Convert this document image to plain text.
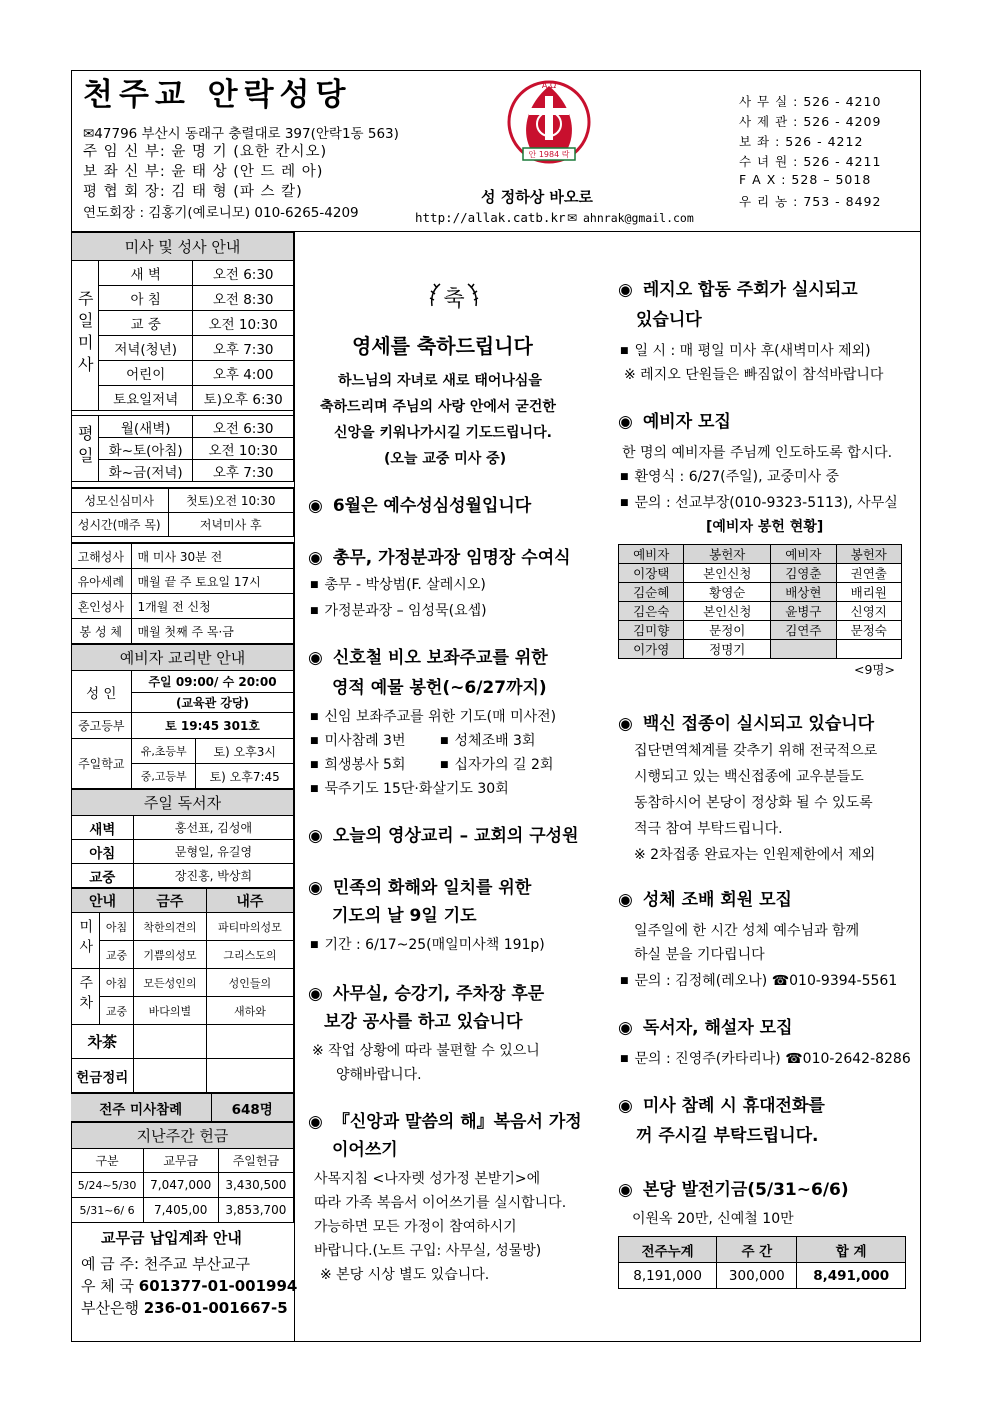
천주교 안락성당
✉47796 부산시 동래구 충렬대로 397(안락1동 563)
주 임 신 부: 윤 명 기 (요한 칸시오)
보 좌 신 부: 윤 태 상 (안 드 레 아)
평 협 회 장: 김 태 형 (파 스 칼)
연도회장 : 김홍기(예로니모) 010-6265-4209
안 1984 락
A Ω
성 정하상 바오로
http://allak.catb.kr ✉ ahnrak@gmail.com
사 무 실 : 526 - 4210
사 제 관 : 526 - 4209
보 좌 : 526 - 4212
수 녀 원 : 526 - 4211
F A X : 528 – 5018
우 리 농 : 753 - 8492
미사 및 성사 안내		
주일미사	새 벽	오전 6:30
	아 침	오전 8:30
	교 중	오전 10:30
	저녁(청년)	오후 7:30
	어린이	오후 4:00
	토요일저녁	토)오후 6:30

평일	월(새벽)	오전 6:30
	화~토(아침)	오전 10:30
	화~금(저녁)	오후 7:30
성모신심미사	첫토)오전 10:30
성시간(매주 목)	저녁미사 후
고해성사	매 미사 30분 전
유아세례	매월 끝 주 토요일 17시
혼인성사	1개월 전 신청
봉 성 체	매월 첫째 주 목·금
예비자 교리반 안내		
성 인	주일 09:00/ 수 20:00	
	(교육관 강당)	
중고등부	토 19:45 301호	
주일학교	유,초등부	토) 오후3시
	중,고등부	토) 오후7:45
주일 독서자	
새벽	홍선표, 김성애
아침	문형일, 유길영
교중	장진홍, 박상희
안내		금주	내주
미사	아침	착한의견의	파티마의성모
	교중	기쁨의성모	그리스도의
주차	아침	모든성인의	성인들의
	교중	바다의별	새하와
차茶			
헌금정리			
전주 미사참례	648명
지난주간 헌금		
구분	교무금	주일헌금
5/24~5/30	7,047,000	3,430,500
5/31~6/ 6	7,405,00	3,853,700
교무금 납입계좌 안내
예 금 주: 천주교 부산교구
우 체 국 601377-01-001994
부산은행 236-01-001667-5
축
영세를 축하드립니다
하느님의 자녀로 새로 태어나심을
축하드리며 주님의 사랑 안에서 굳건한
신앙을 키워나가시길 기도드립니다.
(오늘 교중 미사 중)
◉ 6월은 예수성심성월입니다
◉ 총무, 가정분과장 임명장 수여식
■ 총무 - 박상범(F. 살레시오)
■ 가정분과장 – 임성묵(요셉)
◉ 신호철 비오 보좌주교를 위한
영적 예물 봉헌(~6/27까지)
■ 신임 보좌주교를 위한 기도(매 미사전)
■ 미사참례 3번	■ 성체조배 3회
■ 희생봉사 5회	■ 십자가의 길 2회
■ 묵주기도 15단·화살기도 30회
◉ 오늘의 영상교리 – 교회의 구성원
◉ 민족의 화해와 일치를 위한
기도의 날 9일 기도
■ 기간 : 6/17~25(매일미사책 191p)
◉ 사무실, 승강기, 주차장 후문
보강 공사를 하고 있습니다
※ 작업 상황에 따라 불편할 수 있으니
양해바랍니다.
◉ 『신앙과 말씀의 해』복음서 가정
이어쓰기
사목지침 <나자렛 성가정 본받기>에
따라 가족 복음서 이어쓰기를 실시합니다.
가능하면 모든 가정이 참여하시기
바랍니다.(노트 구입: 사무실, 성물방)
※ 본당 시상 별도 있습니다.
◉ 레지오 합동 주회가 실시되고
있습니다
■ 일 시 : 매 평일 미사 후(새벽미사 제외)
※ 레지오 단원들은 빠짐없이 참석바랍니다
◉ 예비자 모집
한 명의 예비자를 주님께 인도하도록 합시다.
■ 환영식 : 6/27(주일), 교중미사 중
■ 문의 : 선교부장(010-9323-5113), 사무실
[예비자 봉헌 현황]
예비자	봉헌자	예비자	봉헌자
이장택	본인신청	김영춘	권연출
김순혜	황영순	배상현	배리원
김은숙	본인신청	윤병구	신영지
김미향	문정이	김연주	문정숙
이가영	정명기		
<9명>
◉ 백신 접종이 실시되고 있습니다
집단면역체계를 갖추기 위해 전국적으로
시행되고 있는 백신접종에 교우분들도
동참하시어 본당이 정상화 될 수 있도록
적극 참여 부탁드립니다.
※ 2차접종 완료자는 인원제한에서 제외
◉ 성체 조배 회원 모집
일주일에 한 시간 성체 예수님과 함께
하실 분을 기다립니다
■ 문의 : 김정혜(레오나) ☎010-9394-5561
◉ 독서자, 해설자 모집
■ 문의 : 진영주(카타리나) ☎010-2642-8286
◉ 미사 참례 시 휴대전화를
꺼 주시길 부탁드립니다.
◉ 본당 발전기금(5/31~6/6)
이원옥 20만, 신예철 10만
전주누계	주 간	합 계
8,191,000	300,000	8,491,000
